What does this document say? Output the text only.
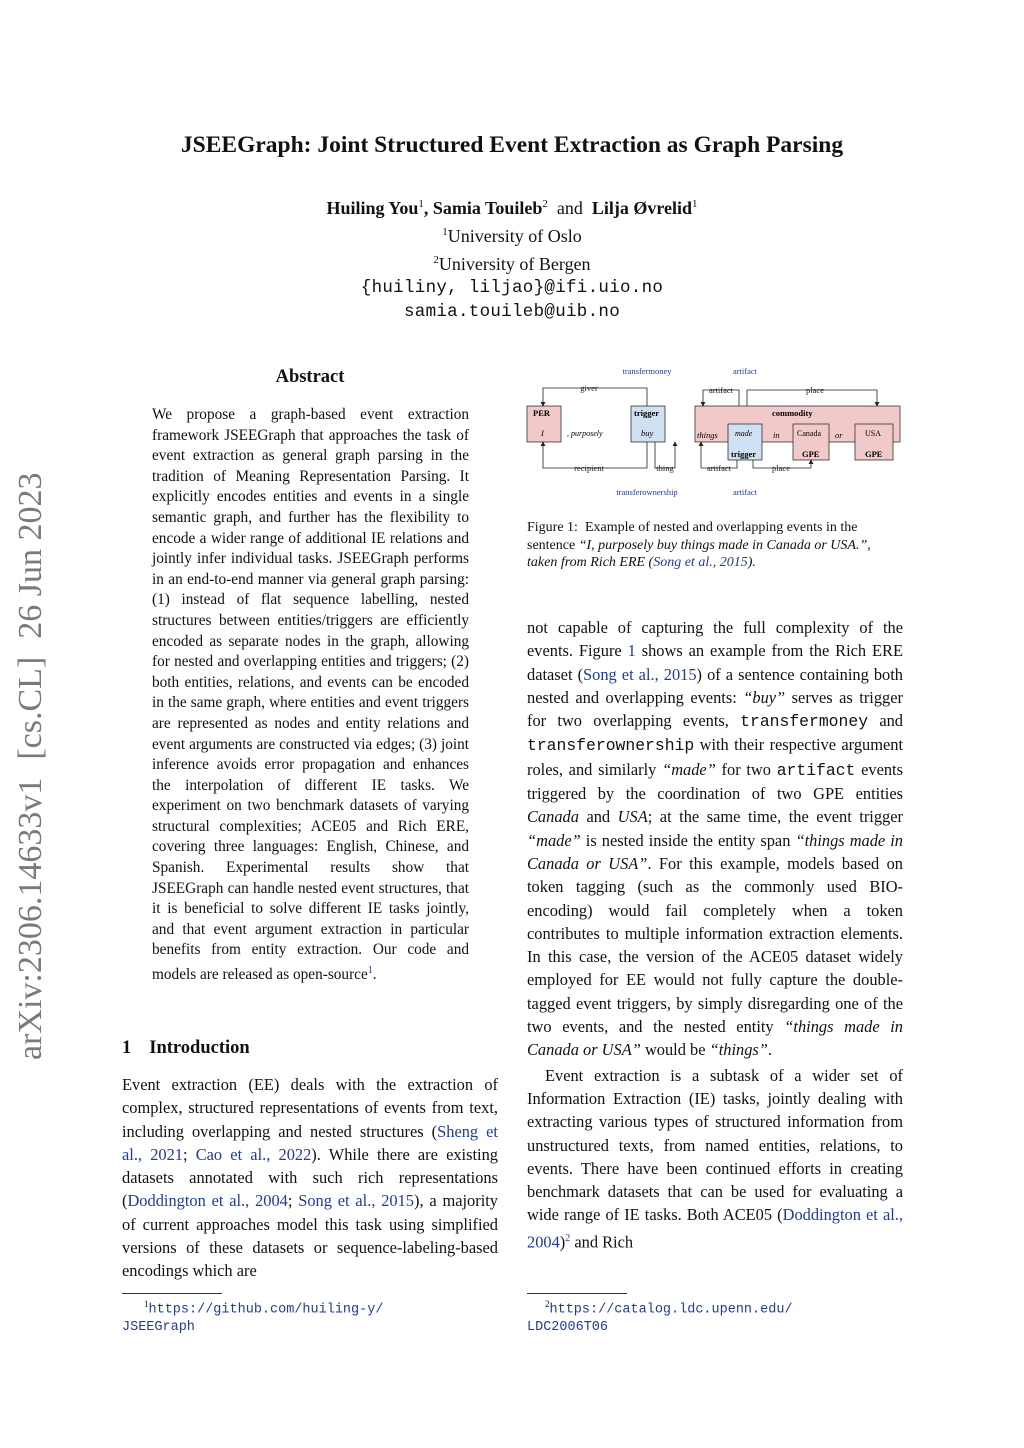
JSEEGraph: Joint Structured Event Extraction as Graph Parsing
Huiling You$^1$, Samia Touileb$^2$ and Lilja Øvrelid$^1$
$^1$University of Oslo
$^2$University of Bergen
{huiliny, liljao}@ifi.uio.no
samia.touileb@uib.no
arXiv:2306.14633v1[cs.CL]26 Jun 2023
Abstract
We propose a graph-based event extraction framework JSEEGraph that approaches the task of event extraction as general graph parsing in the tradition of Meaning Representation Parsing. It explicitly encodes entities and events in a single semantic graph, and further has the flexibility to encode a wider range of additional IE relations and jointly infer individual tasks. JSEEGraph performs in an end-to-end manner via general graph parsing: (1) instead of flat sequence labelling, nested structures between entities/triggers are efficiently encoded as separate nodes in the graph, allowing for nested and overlapping entities and triggers; (2) both entities, relations, and events can be encoded in the same graph, where entities and event triggers are represented as nodes and entity relations and event arguments are constructed via edges; (3) joint inference avoids error propagation and enhances the interpolation of different IE tasks. We experiment on two benchmark datasets of varying structural complexities; ACE05 and Rich ERE, covering three languages: English, Chinese, and Spanish. Experimental results show that JSEEGraph can handle nested event structures, that it is beneficial to solve different IE tasks jointly, and that event argument extraction in particular benefits from entity extraction. Our code and models are released as open-source$^1$.
1 Introduction
Event extraction (EE) deals with the extraction of complex, structured representations of events from text, including overlapping and nested structures (Sheng et al., 2021; Cao et al., 2022). While there are existing datasets annotated with such rich representations (Doddington et al., 2004; Song et al., 2015), a majority of current approaches model this task using simplified versions of these datasets or sequence-labeling-based encodings which are
$^1$https://github.com/huiling-y/
JSEEGraph
transfermoney	artifact
giver	artifact	place
PER
I	, purposely
trigger
buy
commodity
things made
trigger
in Canada
GPE
or	USA
GPE
recipient	thing	artifact	place
transferownership	artifact
Figure 1: Example of nested and overlapping events in the sentence “I, purposely buy things made in Canada or USA.”, taken from Rich ERE (Song et al., 2015).
not capable of capturing the full complexity of the events. Figure 1 shows an example from the Rich ERE dataset (Song et al., 2015) of a sentence containing both nested and overlapping events: “buy” serves as trigger for two overlapping events, transfermoney and transferownership with their respective argument roles, and similarly “made” for two artifact events triggered by the coordination of two GPE entities Canada and USA; at the same time, the event trigger “made” is nested inside the entity span “things made in Canada or USA”. For this example, models based on token tagging (such as the commonly used BIO-encoding) would fail completely when a token contributes to multiple information extraction elements. In this case, the version of the ACE05 dataset widely employed for EE would not fully capture the double-tagged event triggers, by simply disregarding one of the two events, and the nested entity “things made in Canada or USA” would be “things”.
Event extraction is a subtask of a wider set of Information Extraction (IE) tasks, jointly dealing with extracting various types of structured information from unstructured texts, from named entities, relations, to events. There have been continued efforts in creating benchmark datasets that can be used for evaluating a wide range of IE tasks. Both ACE05 (Doddington et al., 2004)$^2$ and Rich
$^2$https://catalog.ldc.upenn.edu/
LDC2006T06
